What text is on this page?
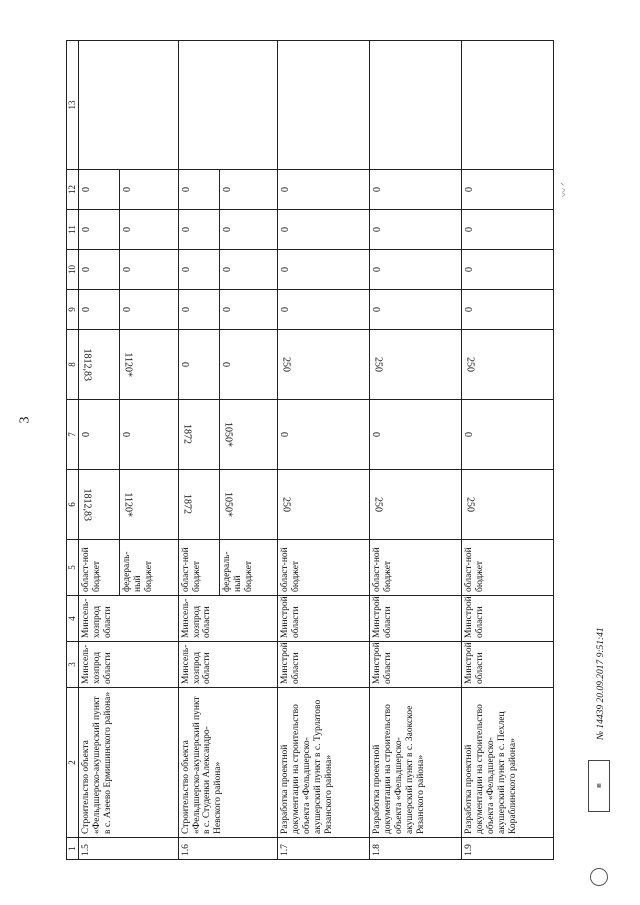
3
1	2	3	4	5	6	7	8	9	10	11	12	13
1.5	Строительство объекта «Фельдшерско-акушерский пункт в с. Азеево Ермишинского района»	Минсель-хозпрод области	Минсель-хозпрод области	област-ной бюджет	1812,83	0	1812,83	0	0	0	0	
				федераль-ный бюджет	1120*	0	1120*	0	0	0	0	
1.6	Строительство объекта «Фельдшерско-акушерский пункт в с. Студенки Александро-Невского района»	Минсель-хозпрод области	Минсель-хозпрод области	област-ной бюджет	1872	1872	0	0	0	0	0	
				федераль-ный бюджет	1050*	1050*	0	0	0	0	0	
1.7	Разработка проектной документации на строительство объекта «Фельдшерско-акушерский пункт в с. Турлатово Рязанского района»	Минстрой области	Минстрой области	област-ной бюджет	250	0	250	0	0	0	0	
1.8	Разработка проектной документации на строительство объекта «Фельдшерско-акушерский пункт в с. Заокское Рязанского района»	Минстрой области	Минстрой области	област-ной бюджет	250	0	250	0	0	0	0	
1.9	Разработка проектной документации на строительство объекта «Фельдшерско-акушерский пункт в с. Пехлец Кораблинского района»	Минстрой области	Минстрой области	област-ной бюджет	250	0	250	0	0	0	0		〰 ᐟ
№ 14439 20.09.2017 9:51:41
▦
